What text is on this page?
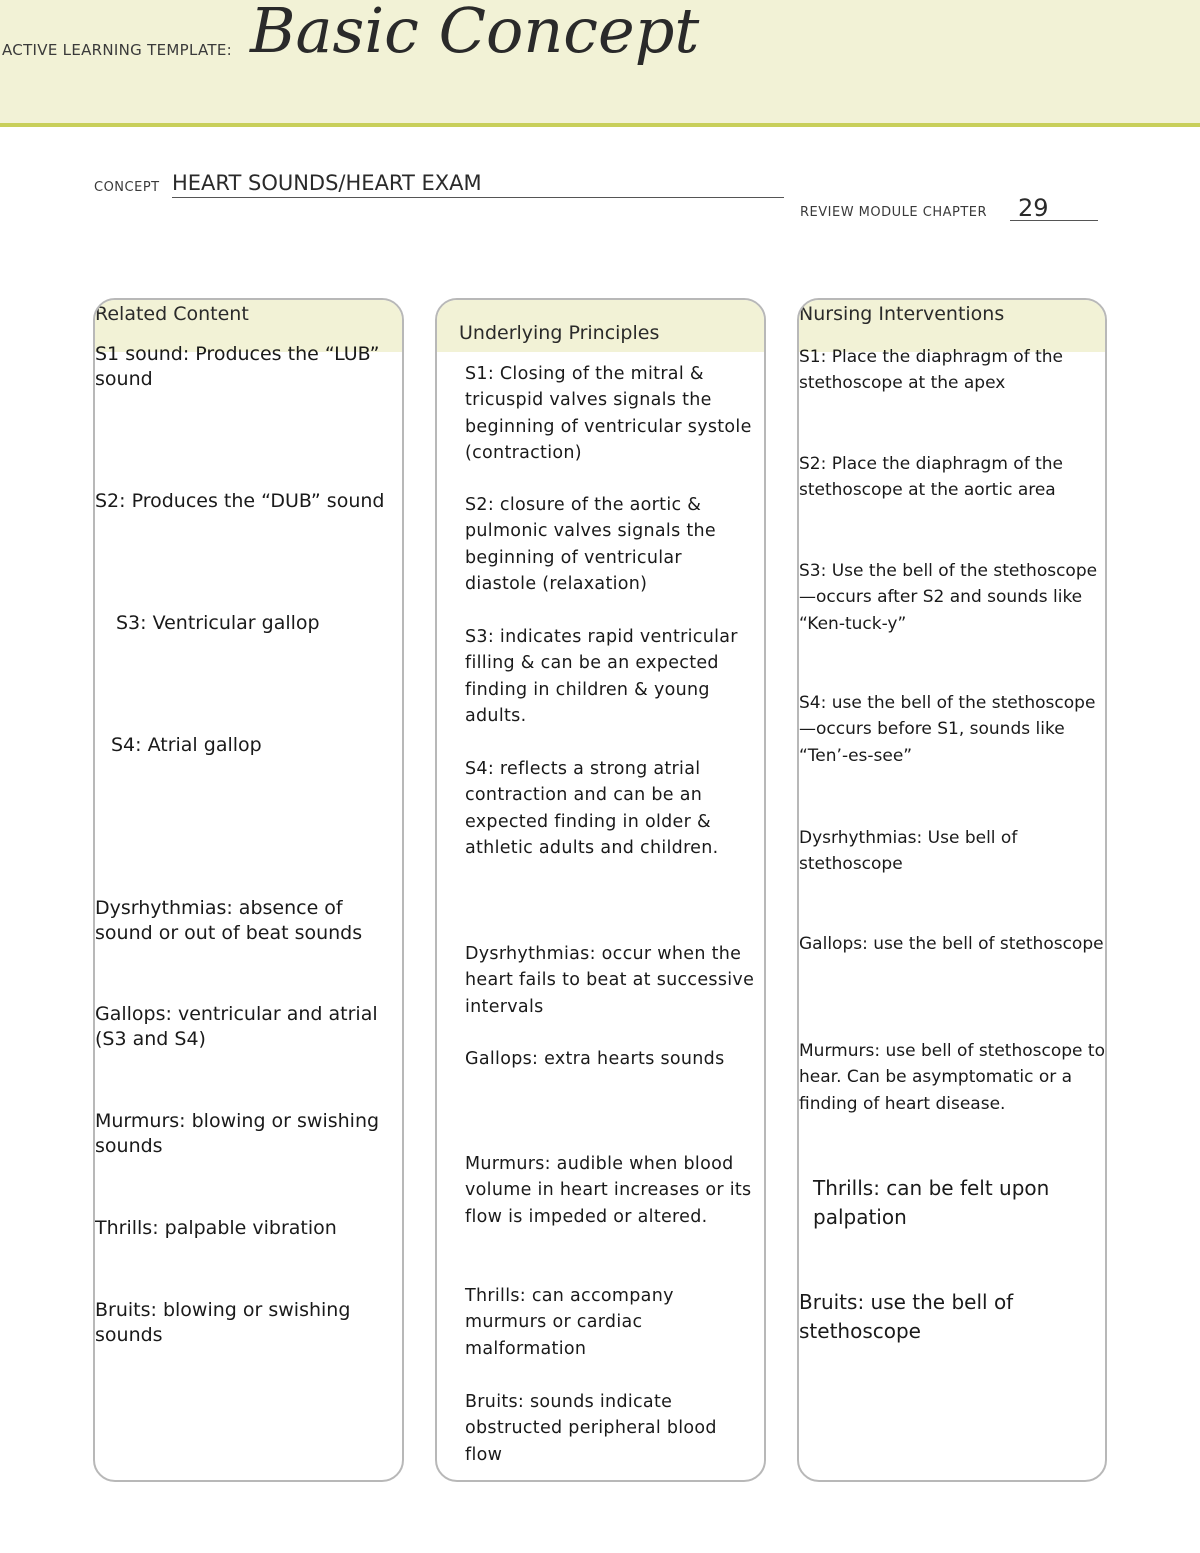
ACTIVE LEARNING TEMPLATE: Basic Concept
CONCEPT HEART SOUNDS/HEART EXAM
REVIEW MODULE CHAPTER	29
Related Content
S1 sound: Produces the “LUB” sound
S2: Produces the “DUB” sound
S3: Ventricular gallop
S4: Atrial gallop
Dysrhythmias: absence of sound or out of beat sounds
Gallops: ventricular and atrial (S3 and S4)
Murmurs: blowing or swishing sounds
Thrills: palpable vibration
Bruits: blowing or swishing sounds
Underlying Principles
S1: Closing of the mitral & tricuspid valves signals the beginning of ventricular systole (contraction)
S2: closure of the aortic & pulmonic valves signals the beginning of ventricular diastole (relaxation)
S3: indicates rapid ventricular filling & can be an expected finding in children & young adults.
S4: reflects a strong atrial contraction and can be an expected finding in older & athletic adults and children.
Dysrhythmias: occur when the heart fails to beat at successive intervals
Gallops: extra hearts sounds
Murmurs: audible when blood volume in heart increases or its flow is impeded or altered.
Thrills: can accompany murmurs or cardiac malformation
Bruits: sounds indicate obstructed peripheral blood flow
Nursing Interventions
S1: Place the diaphragm of the stethoscope at the apex
S2: Place the diaphragm of the stethoscope at the aortic area
S3: Use the bell of the stethoscope —occurs after S2 and sounds like “Ken-tuck-y”
S4: use the bell of the stethoscope —occurs before S1, sounds like “Ten’-es-see”
Dysrhythmias: Use bell of stethoscope
Gallops: use the bell of stethoscope
Murmurs: use bell of stethoscope to hear. Can be asymptomatic or a finding of heart disease.
Thrills: can be felt upon palpation
Bruits: use the bell of stethoscope
